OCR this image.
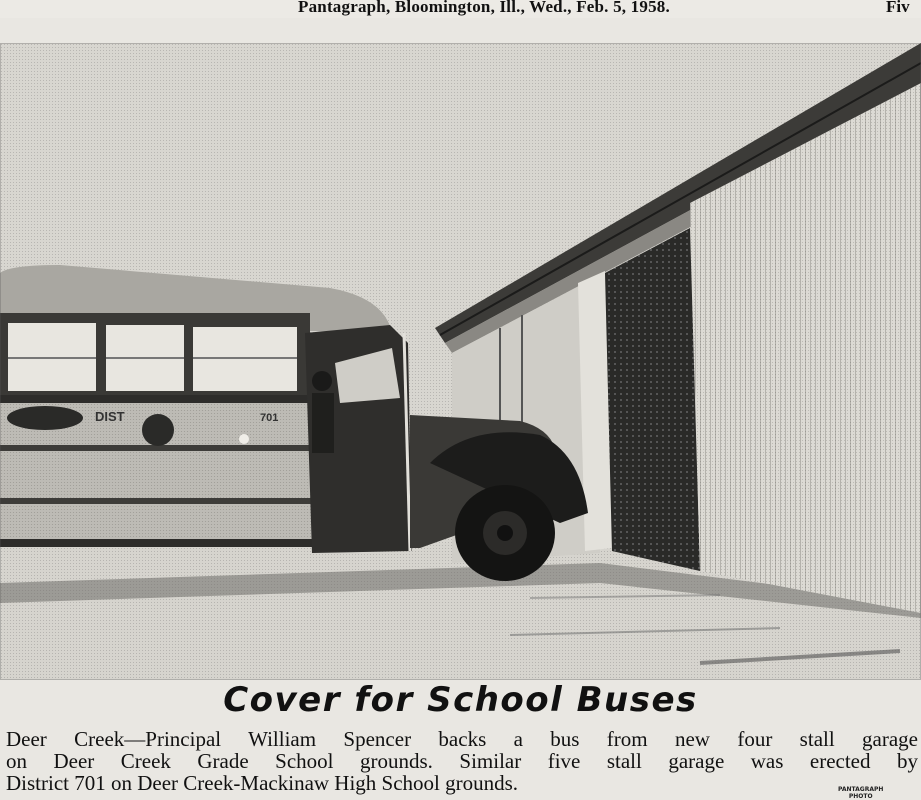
Pantagraph, Bloomington, Ill., Wed., Feb. 5, 1958.	Fiv
DIST	701
Cover for School Buses
Deer Creek—Principal William Spencer backs a bus from new four stall garage
on Deer Creek Grade School grounds. Similar five stall garage was erected by
District 701 on Deer Creek-Mackinaw High School grounds.	PANTAGRAPH
PHOTO
